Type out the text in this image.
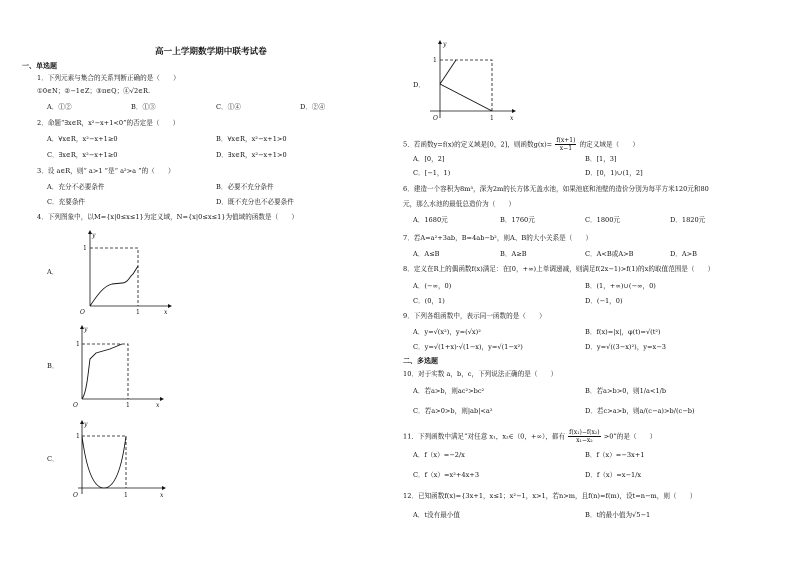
高一上学期数学期中联考试卷
一、单选题
1．下列元素与集合的关系判断正确的是（　　）
①0∈N；②−1∈Z；③π∈Q；④√2∈R.
A．①②	B．①③	C．①④	D．②④
2．命题“∃x∈R，x²−x+1<0”的否定是（　　）
A．∀x∈R，x²−x+1≥0	B．∀x∈R，x²−x+1>0
C．∃x∈R，x²−x+1≥0	D．∃x∈R，x²−x+1>0
3．设 a∈R，则“ a>1 ”是“ a²>a ”的（　　）
A．充分不必要条件	B．必要不充分条件
C．充要条件	D．既不充分也不必要条件
4．下列图象中，以M={x|0≤x≤1}为定义域，N={x|0≤x≤1}为值域的函数是（　　）
A．
y
x
O	1
1
B．
y
x
O	1
1
C．
y
x
O	1
1
D．
y
x
O	1
1
5．若函数y=f(x)的定义域是[0，2]，则函数$g(x)= \frac{f(x+1)}{x-1}$ 的定义域是（　　）
A．[0，2]	B．[1，3]
C．[−1，1)	D．[0，1)∪(1，2]
6．建造一个容积为8m³，深为2m的长方体无盖水池，如果池底和池壁的造价分别为每平方米120元和80
元，那么水池的最低总造价为（　　）
A．1680元	B．1760元	C．1800元	D．1820元
7．若A=a²+3ab，B=4ab−b²，则A、B的大小关系是（　　）
A．A≤B	B．A≥B	C．A<B或A>B	D．A>B
8．定义在R上的偶函数f(x)满足：在[0，+∞)上单调递减，则满足f(2x−1)>f(1)的x的取值范围是（　　）
A．(−∞，0)	B．(1，+∞)∪(−∞，0)
C．(0，1)	D．(−1，0)
9．下列各组函数中，表示同一函数的是（　　）
A．y=√(x²)，y=(√x)²	B．f(x)=|x|，φ(t)=√(t²)
C．y=√(1+x)·√(1−x)，y=√(1−x²)	D．y=√((3−x)²)，y=x−3
二、多选题
10．对于实数 a，b，c，下列说法正确的是（　　）
A．若a>b，则ac²>bc²	B．若a>b>0，则1/a<1/b
C．若a>0>b，则|ab|<a²	D．若c>a>b，则a/(c−a)>b/(c−b)
11．下列函数中满足“对任意 x₁，x₂∈（0，+∞），都有 $\frac{\text{f(x₁)−f(x₂)}}{\text{x₁−x₂}} >0$”的是（　　）
A．f（x）=−2/x	B．f（x）=−3x+1
C．f（x）=x²+4x+3	D．f（x）=x−1/x
12．已知函数f(x)={3x+1，x≤1；x²−1，x>1，若n>m，且f(n)=f(m)，设t=n−m，则（　　）
A．t没有最小值	B．t的最小值为√5−1
